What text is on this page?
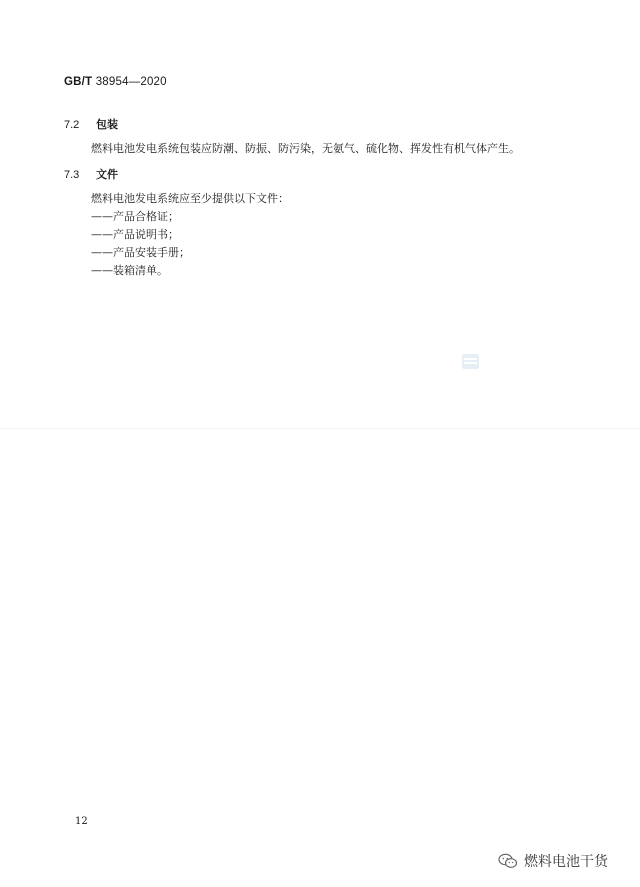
GB/T 38954—2020
7.2 包装
燃料电池发电系统包装应防潮、防振、防污染，无氨气、硫化物、挥发性有机气体产生。
7.3 文件
燃料电池发电系统应至少提供以下文件：
——产品合格证；
——产品说明书；
——产品安装手册；
——装箱清单。
12
燃料电池干货
